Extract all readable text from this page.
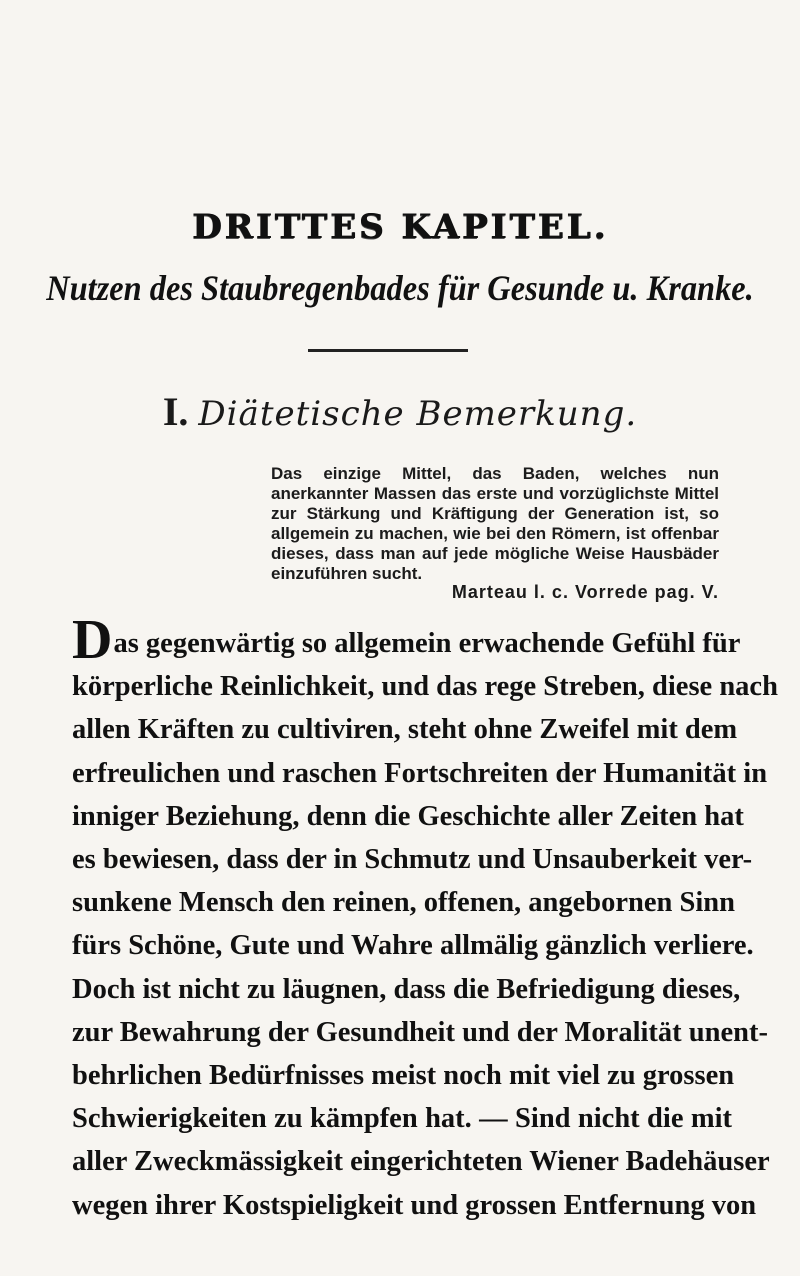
DRITTES KAPITEL.
Nutzen des Staubregenbades für Gesunde u. Kranke.
I. Diätetische Bemerkung.
Das einzige Mittel, das Baden, welches nun anerkannter Massen das erste und vorzüglichste Mittel zur Stärkung und Kräftigung der Generation ist, so allgemein zu machen, wie bei den Römern, ist offenbar dieses, dass man auf jede mögliche Weise Hausbäder einzuführen sucht.
Marteau l. c. Vorrede pag. V.
Das gegenwärtig so allgemein erwachende Gefühl für
körperliche Reinlichkeit, und das rege Streben, diese nach
allen Kräften zu cultiviren, steht ohne Zweifel mit dem
erfreulichen und raschen Fortschreiten der Humanität in
inniger Beziehung, denn die Geschichte aller Zeiten hat
es bewiesen, dass der in Schmutz und Unsauberkeit ver-
sunkene Mensch den reinen, offenen, angebornen Sinn
fürs Schöne, Gute und Wahre allmälig gänzlich verliere.
Doch ist nicht zu läugnen, dass die Befriedigung dieses,
zur Bewahrung der Gesundheit und der Moralität unent-
behrlichen Bedürfnisses meist noch mit viel zu grossen
Schwierigkeiten zu kämpfen hat. — Sind nicht die mit
aller Zweckmässigkeit eingerichteten Wiener Badehäuser
wegen ihrer Kostspieligkeit und grossen Entfernung von
